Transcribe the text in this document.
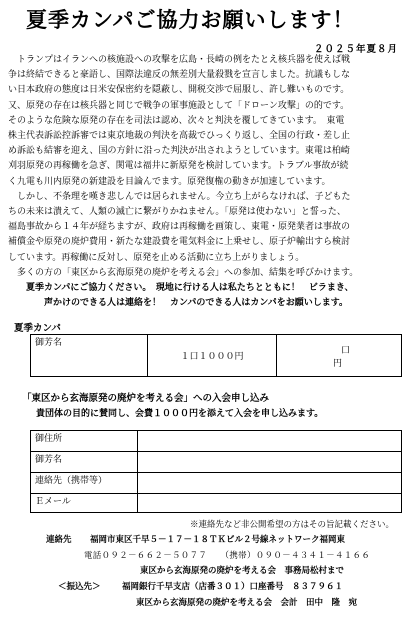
夏季カンパご協力お願いします！
２０２５年夏８月

　トランプはイランへの核施設への攻撃を広島・長崎の例をたとえ核兵器を使えば戦

争は終結できると豪語し、国際法違反の無差別大量殺戮を宣言しました。抗議もしな

い日本政府の態度は日米安保密約を隠蔽し、開税交渉で屈服し、許し難いものです。

又、原発の存在は核兵器と同じで戦争の軍事施設として「ドローン攻撃」の的です。

そのような危険な原発の存在を司法は認め、次々と判決を覆してきています。　東電

株主代表訴訟控訴審では東京地裁の判決を高裁でひっくり返し、全国の行政・差し止

め訴訟も結審を迎え、国の方針に沿った判決が出されようとしています。東電は柏崎

刈羽原発の再稼働を急ぎ、関電は福井に新原発を検討しています。トラブル事故が続

く九電も川内原発の新建設を目論んでます。原発復権の動きが加速しています。

　しかし、不条理を嘆き悲しんでは居られません。今立ち上がらなければ、子どもた

ちの未来は潰えて、人類の滅亡に繋がりかねません。「原発は使わない」と誓った、

福島事故から１４年が経ちますが、政府は再稼働を画策し、東電・原発業者は事故の

補償金や原発の廃炉費用・新たな建設費を電気料金に上乗せし、原子炉輸出すら検討

しています。再稼働に反対し、原発を止める活動に立ち上がりましょう。

　多くの方の「東区から玄海原発の廃炉を考える会」への参加、結集を呼びかけます。

　　夏季カンパにご協力ください。　現地に行ける人は私たちとともに！　ビラまき、

　　　　声かけのできる人は連絡を！　カンパのできる人はカンパをお願いします。

夏季カンパ
御芳名	１口１０００円	口 円
「東区から玄海原発の廃炉を考える会」への入会申し込み
貴団体の目的に賛同し、会費１０００円を添えて入会を申し込みます。
御住所	
御芳名	
連絡先（携帯等）	
Ｅメール	
※連絡先など非公開希望の方はその旨記載ください。
連絡先 福岡市東区千早５－１７－１８ＴＫビル２号線ネットワーク福岡東
電話０９２－６６２－５０７７　　（携帯）０９０－４３４１－４１６６
東区から玄海原発の廃炉を考える会　事務局松村まで
＜振込先＞	福岡銀行千早支店（店番３０１）口座番号　８３７９６１
東区から玄海原発の廃炉を考える会　会計　田中　隆　宛
